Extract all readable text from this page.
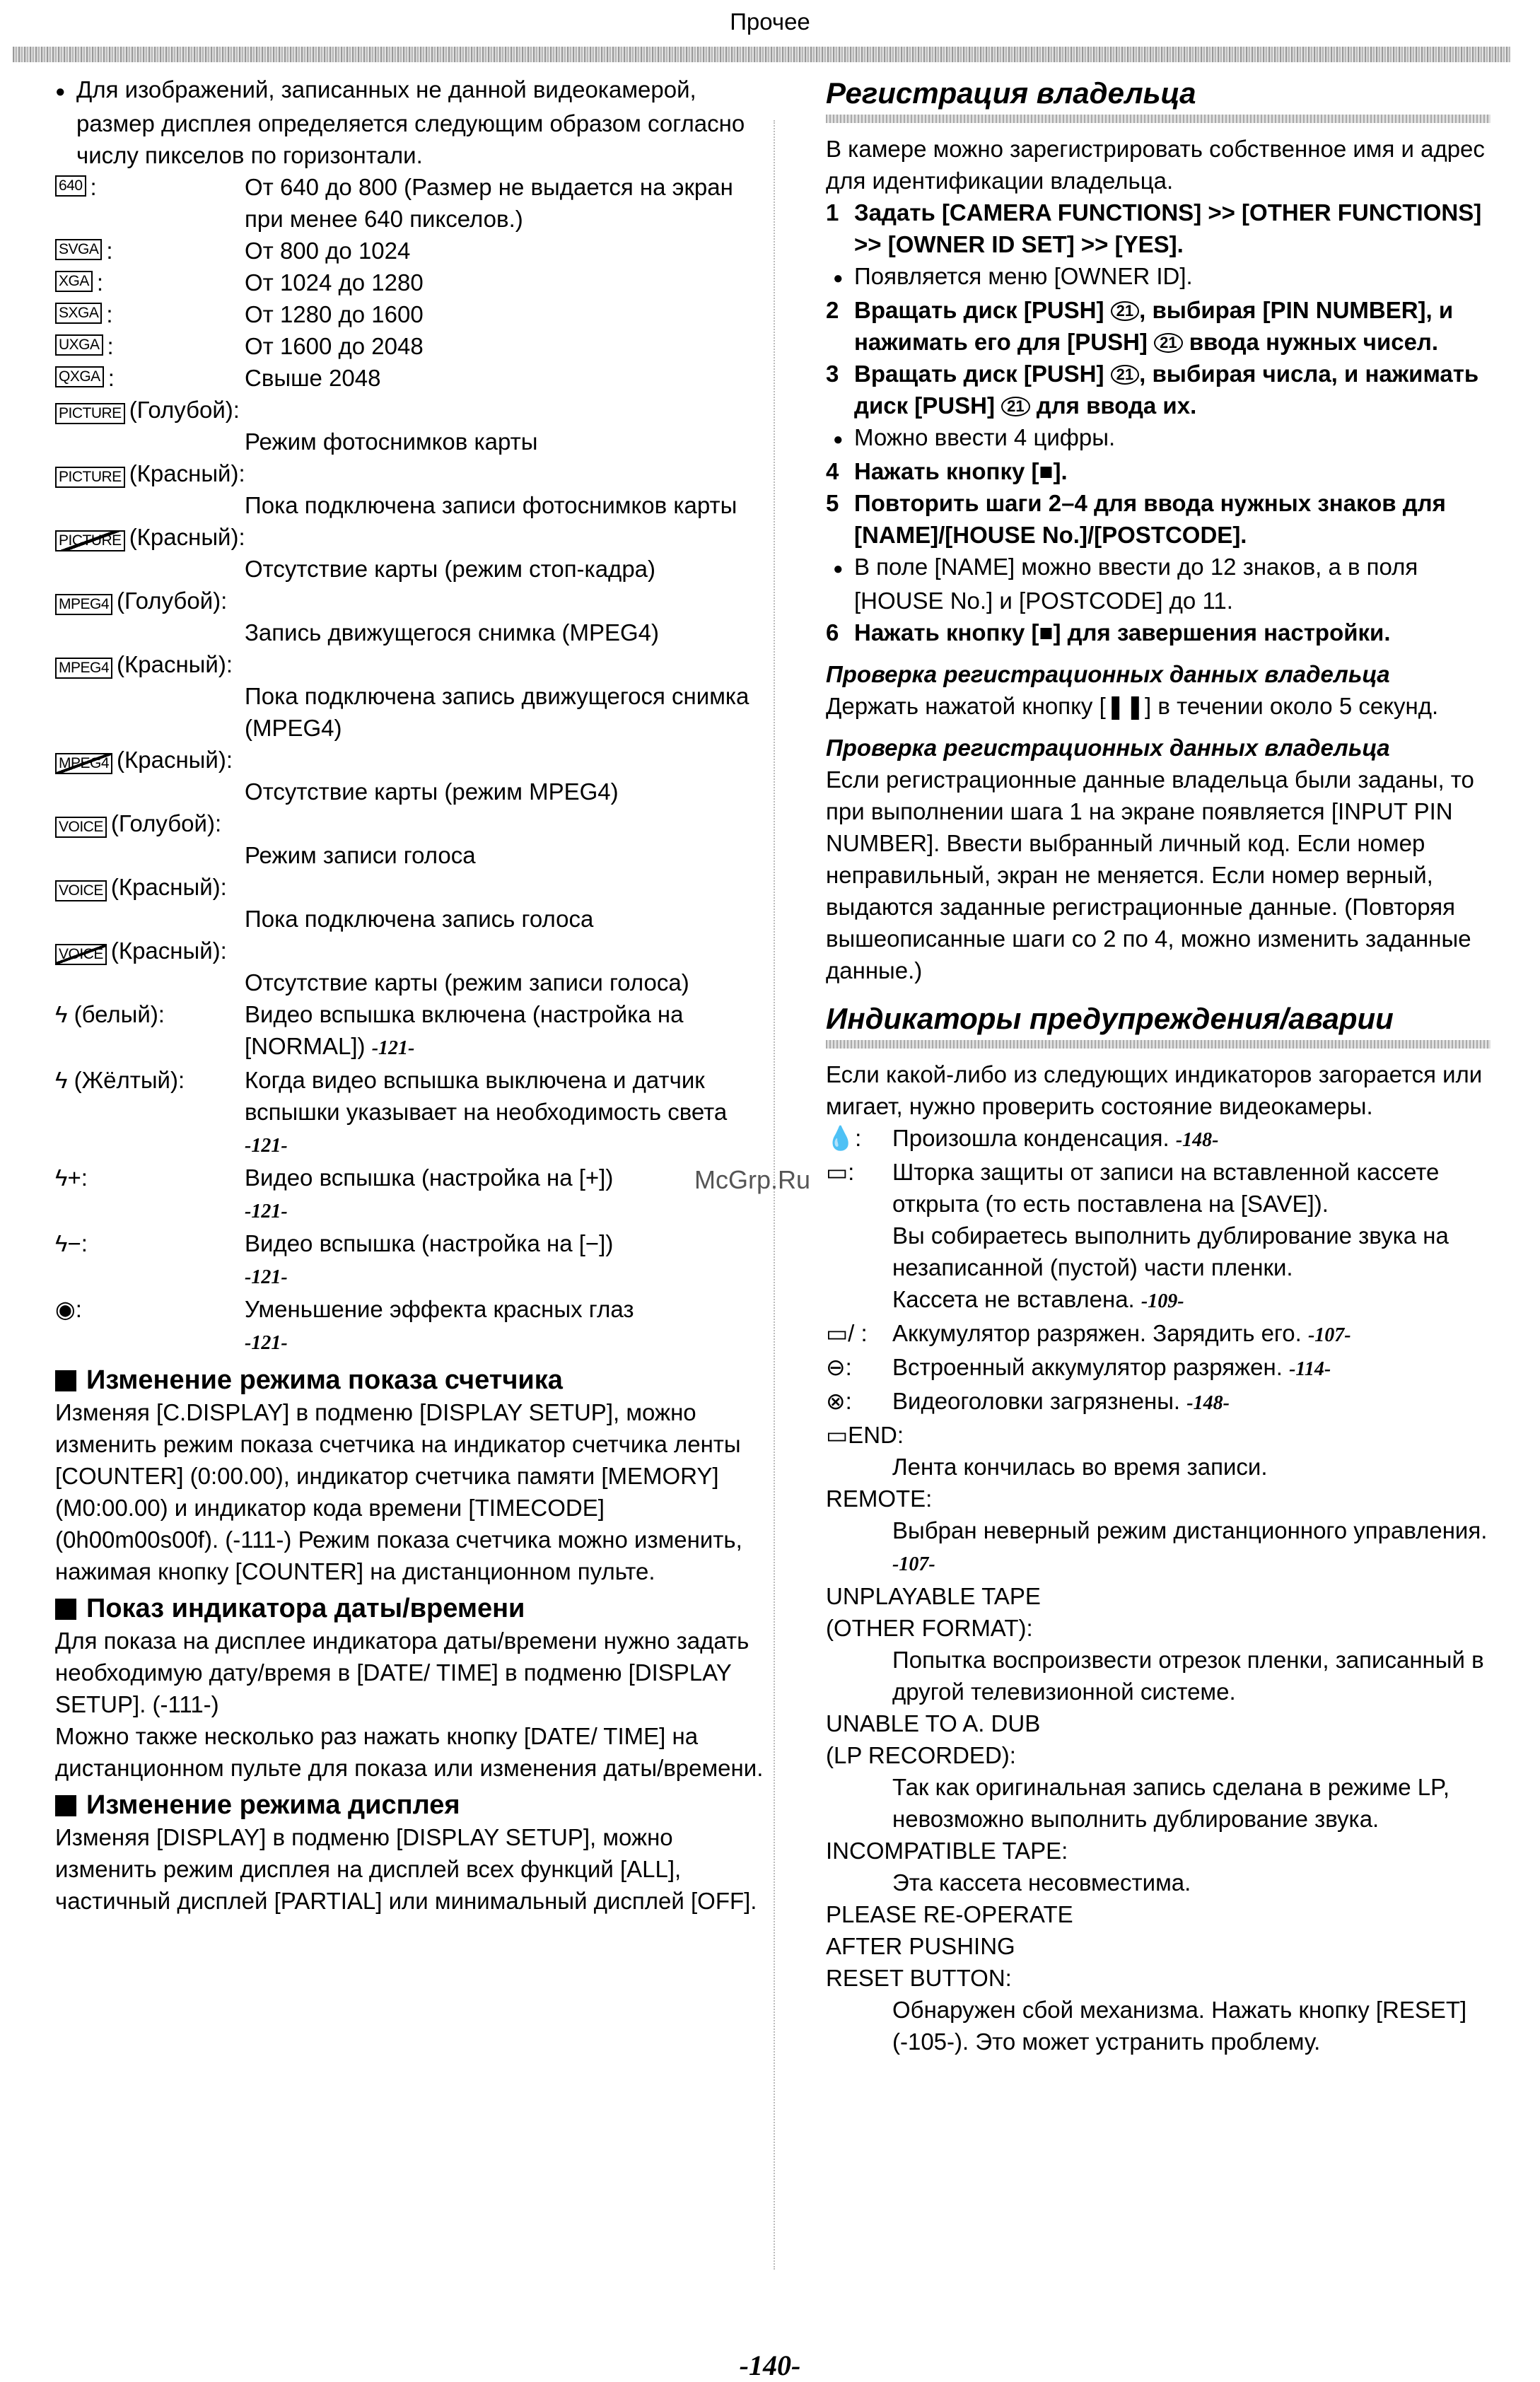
Прочее

● Для изображений, записанных не данной видеокамерой, размер дисплея определяется следующим образом согласно числу пикселов по горизонтали.

640 :	От 640 до 800 (Размер не выдается на экран при менее 640 пикселов.)
SVGA :	От 800 до 1024
XGA :	От 1024 до 1280
SXGA :	От 1280 до 1600
UXGA :	От 1600 до 2048
QXGA :	Свыше 2048
PICTURE (Голубой):
Режим фотоснимков карты
PICTURE (Красный):
Пока подключена записи фотоснимков карты
PICTURE (Красный):
Отсутствие карты (режим стоп-кадра)
MPEG4 (Голубой):
Запись движущегося снимка (MPEG4)
MPEG4 (Красный):
Пока подключена запись движущегося снимка (MPEG4)
MPEG4 (Красный):
Отсутствие карты (режим MPEG4)
VOICE (Голубой):
Режим записи голоса
VOICE (Красный):
Пока подключена запись голоса
VOICE (Красный):
Отсутствие карты (режим записи голоса)
ϟ (белый):	Видео вспышка включена (настройка на [NORMAL]) -121-
ϟ (Жёлтый):	Когда видео вспышка выключена и датчик вспышки указывает на необходимость света -121-
ϟ+:	Видео вспышка (настройка на [+])
-121-
ϟ−:	Видео вспышка (настройка на [−])
-121-
◉:	Уменьшение эффекта красных глаз
-121-
Изменение режима показа счетчика

Изменяя [C.DISPLAY] в подменю [DISPLAY SETUP], можно изменить режим показа счетчика на индикатор счетчика ленты [COUNTER] (0:00.00), индикатор счетчика памяти [MEMORY] (M0:00.00) и индикатор кода времени [TIMECODE] (0h00m00s00f). (-111-) Режим показа счетчика можно изменить, нажимая кнопку [COUNTER] на дистанционном пульте.

Показ индикатора даты/времени

Для показа на дисплее индикатора даты/времени нужно задать необходимую дату/время в [DATE/ TIME] в подменю [DISPLAY SETUP]. (-111-)

Можно также несколько раз нажать кнопку [DATE/ TIME] на дистанционном пульте для показа или изменения даты/времени.

Изменение режима дисплея

Изменяя [DISPLAY] в подменю [DISPLAY SETUP], можно изменить режим дисплея на дисплей всех функций [ALL], частичный дисплей [PARTIAL] или минимальный дисплей [OFF].

Регистрация владельца

В камере можно зарегистрировать собственное имя и адрес для идентификации владельца.

1 Задать [CAMERA FUNCTIONS] >> [OTHER FUNCTIONS] >> [OWNER ID SET] >> [YES].
● Появляется меню [OWNER ID].
2 Вращать диск [PUSH] 21 , выбирая [PIN NUMBER], и нажимать его для [PUSH] 21 ввода нужных чисел.
3 Вращать диск [PUSH] 21 , выбирая числа, и нажимать диск [PUSH] 21 для ввода их.
● Можно ввести 4 цифры.
4 Нажать кнопку [■].
5 Повторить шаги 2–4 для ввода нужных знаков для [NAME]/[HOUSE No.]/[POSTCODE].
● В поле [NAME] можно ввести до 12 знаков, а в поля [HOUSE No.] и [POSTCODE] до 11.
6 Нажать кнопку [■] для завершения настройки.
Проверка регистрационных данных владельца

Держать нажатой кнопку [❚❚] в течении около 5 секунд.

Проверка регистрационных данных владельца

Если регистрационные данные владельца были заданы, то при выполнении шага 1 на экране появляется [INPUT PIN NUMBER]. Ввести выбранный личный код. Если номер неправильный, экран не меняется. Если номер верный, выдаются заданные регистрационные данные. (Повторяя вышеописанные шаги со 2 по 4, можно изменить заданные данные.)

Индикаторы предупреждения/аварии

Если какой-либо из следующих индикаторов загорается или мигает, нужно проверить состояние видеокамеры.

💧:	Произошла конденсация. -148-
▭:	Шторка защиты от записи на вставленной кассете открыта (то есть поставлена на [SAVE]).
Вы собираетесь выполнить дублирование звука на незаписанной (пустой) части пленки.
Кассета не вставлена. -109-
▭/ :	Аккумулятор разряжен. Зарядить его. -107-
⊖:	Встроенный аккумулятор разряжен. -114-
⊗:	Видеоголовки загрязнены. -148-
▭END:
Лента кончилась во время записи.
REMOTE:
Выбран неверный режим дистанционного управления. -107-
UNPLAYABLE TAPE
(OTHER FORMAT):
Попытка воспроизвести отрезок пленки, записанный в другой телевизионной системе.
UNABLE TO A. DUB
(LP RECORDED):
Так как оригинальная запись сделана в режиме LP, невозможно выполнить дублирование звука.
INCOMPATIBLE TAPE:
Эта кассета несовместима.
PLEASE RE-OPERATE
AFTER PUSHING
RESET BUTTON:
Обнаружен сбой механизма. Нажать кнопку [RESET] (-105-). Это может устранить проблему.
McGrp.Ru
-140-
